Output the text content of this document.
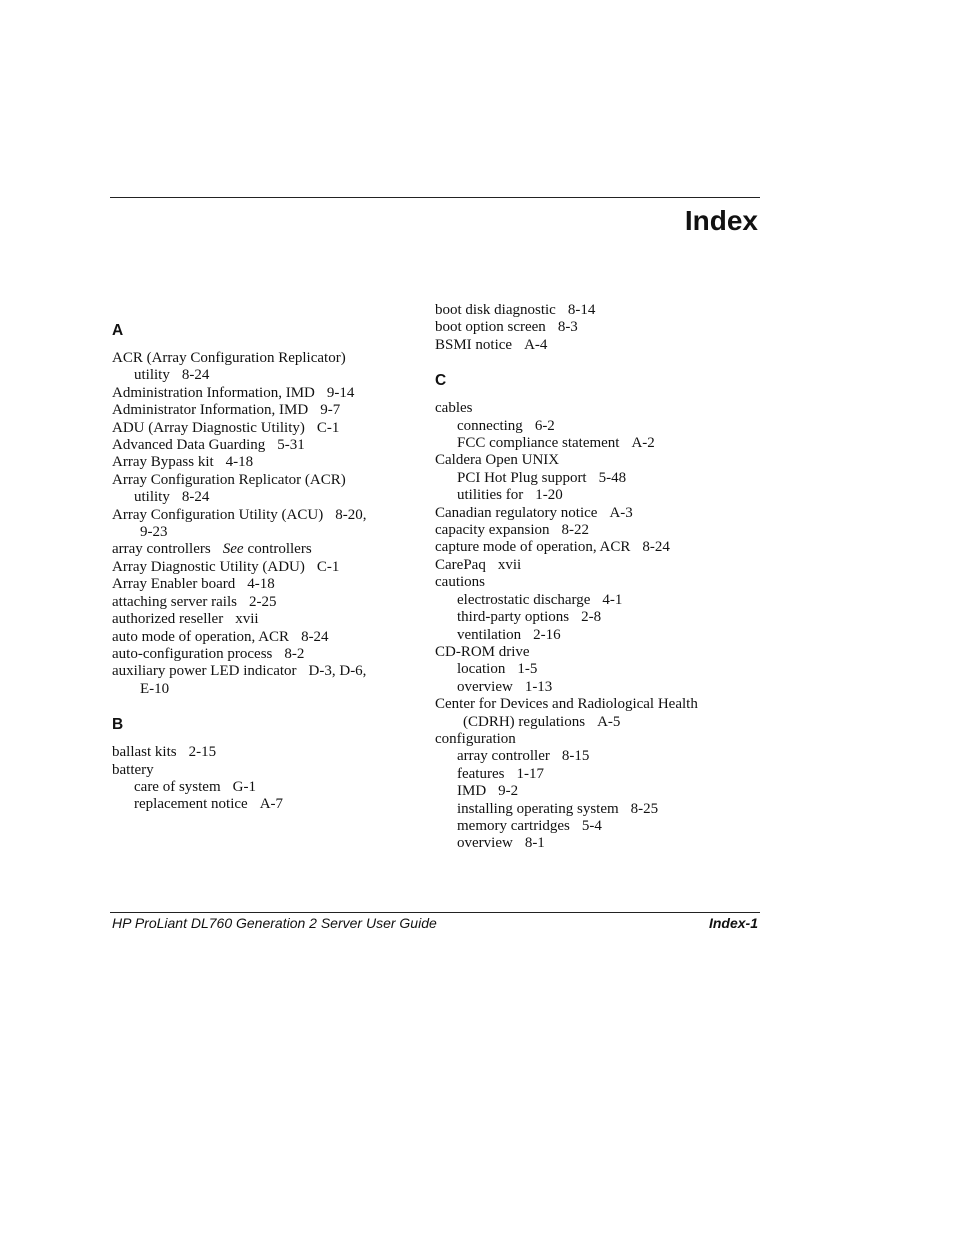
Index
A
ACR (Array Configuration Replicator)
utility 8-24
Administration Information, IMD 9-14
Administrator Information, IMD 9-7
ADU (Array Diagnostic Utility) C-1
Advanced Data Guarding 5-31
Array Bypass kit 4-18
Array Configuration Replicator (ACR)
utility 8-24
Array Configuration Utility (ACU) 8-20,
9-23
array controllers See controllers
Array Diagnostic Utility (ADU) C-1
Array Enabler board 4-18
attaching server rails 2-25
authorized reseller xvii
auto mode of operation, ACR 8-24
auto-configuration process 8-2
auxiliary power LED indicator D-3, D-6,
E-10
B
ballast kits 2-15
battery
care of system G-1
replacement notice A-7
boot disk diagnostic 8-14
boot option screen 8-3
BSMI notice A-4
C
cables
connecting 6-2
FCC compliance statement A-2
Caldera Open UNIX
PCI Hot Plug support 5-48
utilities for 1-20
Canadian regulatory notice A-3
capacity expansion 8-22
capture mode of operation, ACR 8-24
CarePaq xvii
cautions
electrostatic discharge 4-1
third-party options 2-8
ventilation 2-16
CD-ROM drive
location 1-5
overview 1-13
Center for Devices and Radiological Health
(CDRH) regulations A-5
configuration
array controller 8-15
features 1-17
IMD 9-2
installing operating system 8-25
memory cartridges 5-4
overview 8-1
HP ProLiant DL760 Generation 2 Server User Guide	Index-1
